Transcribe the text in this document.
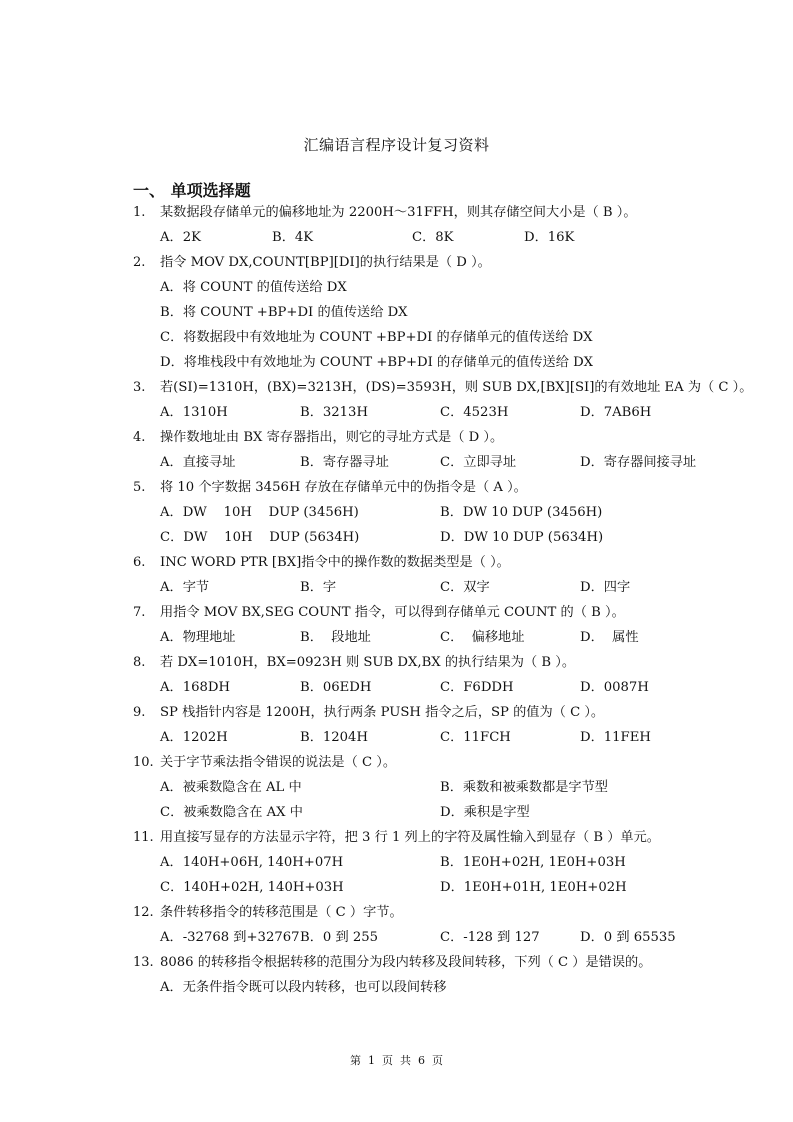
汇编语言程序设计复习资料
一、 单项选择题
1.	某数据段存储单元的偏移地址为 2200H～31FFH，则其存储空间大小是（ B ）。
A．2K	B．4K	C．8K	D．16K
2.	指令 MOV DX,COUNT[BP][DI]的执行结果是（ D ）。
A．将 COUNT 的值传送给 DX
B．将 COUNT +BP+DI 的值传送给 DX
C．将数据段中有效地址为 COUNT +BP+DI 的存储单元的值传送给 DX
D．将堆栈段中有效地址为 COUNT +BP+DI 的存储单元的值传送给 DX
3.	若(SI)=1310H，(BX)=3213H，(DS)=3593H，则 SUB DX,[BX][SI]的有效地址 EA 为（ C ）。
A．1310H	B．3213H	C．4523H	D．7AB6H
4.	操作数地址由 BX 寄存器指出，则它的寻址方式是（ D ）。
A．直接寻址	B．寄存器寻址	C．立即寻址	D．寄存器间接寻址
5.	将 10 个字数据 3456H 存放在存储单元中的伪指令是（ A ）。
A．DW    10H    DUP (3456H)	B．DW 10 DUP (3456H)
C．DW    10H    DUP (5634H)	D．DW 10 DUP (5634H)
6.	INC WORD PTR [BX]指令中的操作数的数据类型是（ ）。
A．字节	B．字	C．双字	D．四字
7.	用指令 MOV BX,SEG COUNT 指令，可以得到存储单元 COUNT 的（ B ）。
A．物理地址	B．  段地址	C．  偏移地址	D．  属性
8.	若 DX=1010H，BX=0923H 则 SUB DX,BX 的执行结果为（ B ）。
A．168DH	B．06EDH	C．F6DDH	D．0087H
9.	SP 栈指针内容是 1200H，执行两条 PUSH 指令之后，SP 的值为（ C ）。
A．1202H	B．1204H	C．11FCH	D．11FEH
10. 关于字节乘法指令错误的说法是（ C ）。
A．被乘数隐含在 AL 中	B．乘数和被乘数都是字节型
C．被乘数隐含在 AX 中	D．乘积是字型
11. 用直接写显存的方法显示字符，把 3 行 1 列上的字符及属性输入到显存（ B ）单元。
A．140H+06H, 140H+07H	B．1E0H+02H, 1E0H+03H
C．140H+02H, 140H+03H	D．1E0H+01H, 1E0H+02H
12. 条件转移指令的转移范围是（ C ）字节。
A．-32768 到+32767 B．0 到 255	C．-128 到 127	D．0 到 65535
13. 8086 的转移指令根据转移的范围分为段内转移及段间转移，下列（ C ）是错误的。
A．无条件指令既可以段内转移，也可以段间转移
第  1  页  共  6  页
